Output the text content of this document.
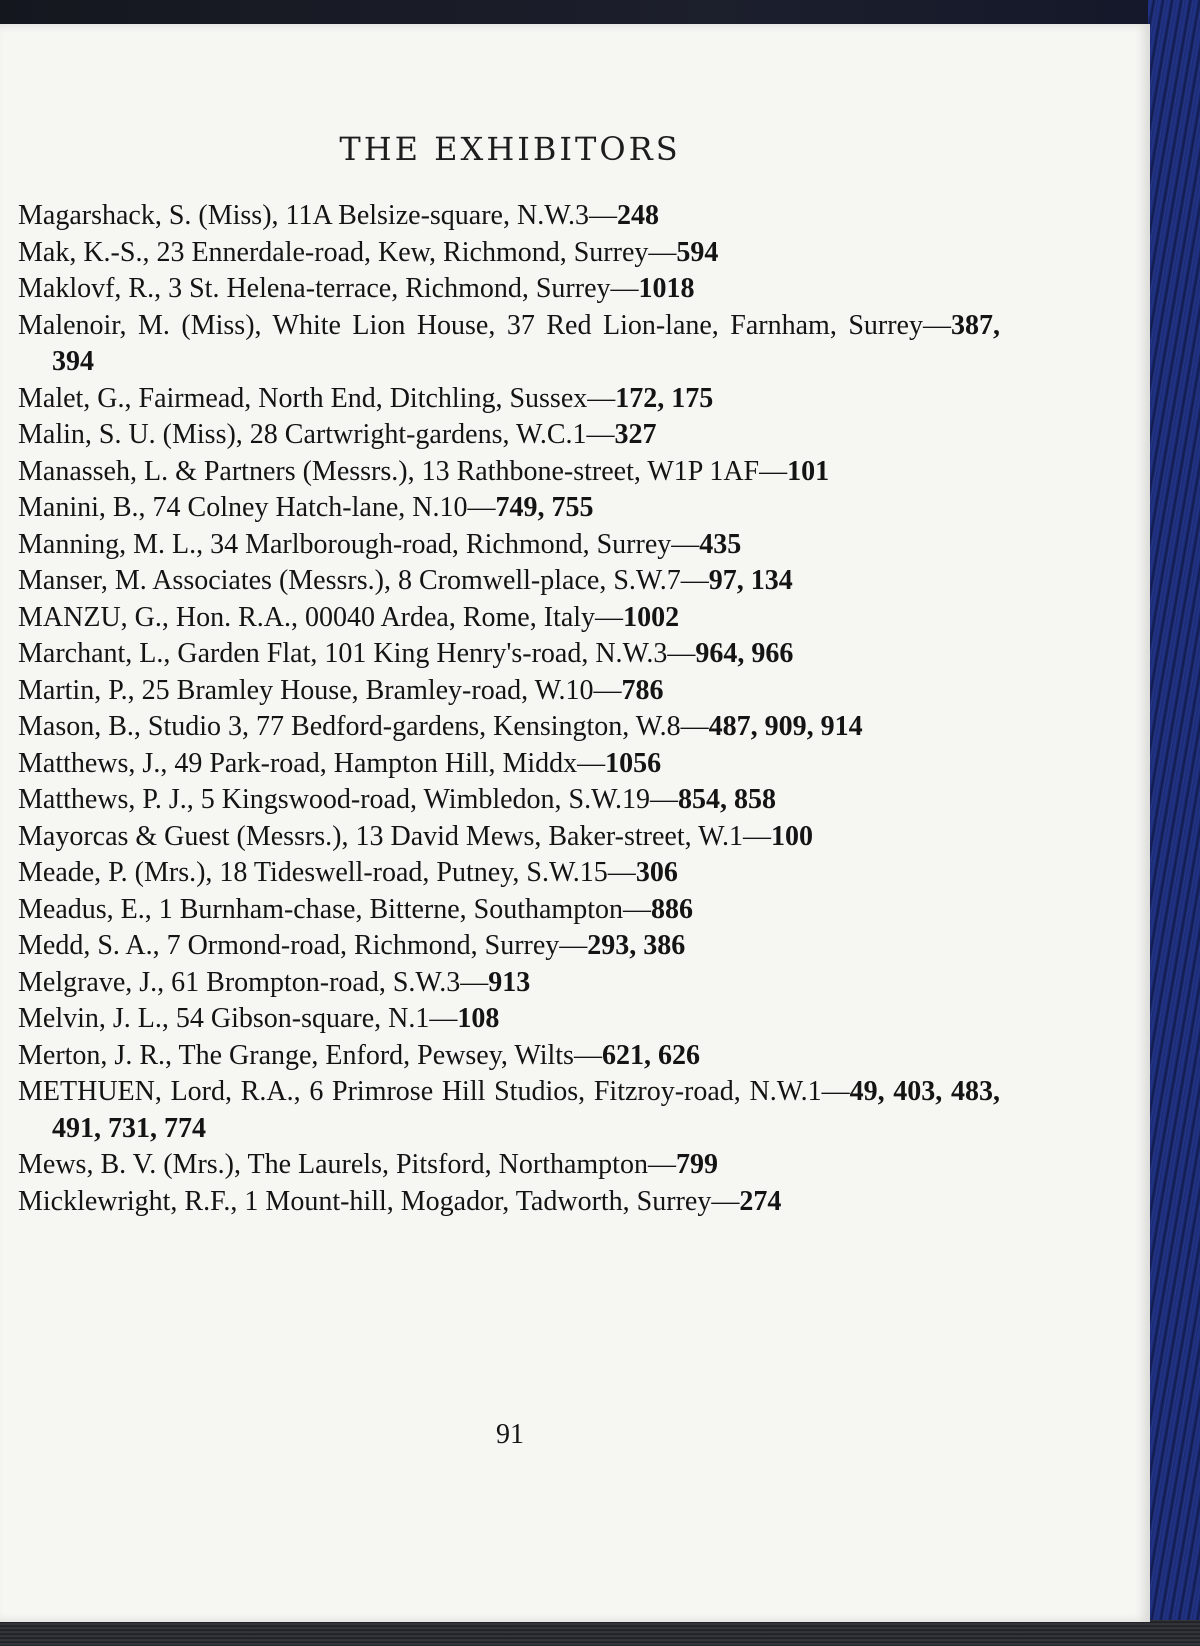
THE EXHIBITORS
Magarshack, S. (Miss), 11A Belsize-square, N.W.3—248
Mak, K.-S., 23 Ennerdale-road, Kew, Richmond, Surrey—594
Maklovf, R., 3 St. Helena-terrace, Richmond, Surrey—1018
Malenoir, M. (Miss), White Lion House, 37 Red Lion-lane, Farnham, Surrey—387, 394
Malet, G., Fairmead, North End, Ditchling, Sussex—172, 175
Malin, S. U. (Miss), 28 Cartwright-gardens, W.C.1—327
Manasseh, L. & Partners (Messrs.), 13 Rathbone-street, W1P 1AF—101
Manini, B., 74 Colney Hatch-lane, N.10—749, 755
Manning, M. L., 34 Marlborough-road, Richmond, Surrey—435
Manser, M. Associates (Messrs.), 8 Cromwell-place, S.W.7—97, 134
MANZU, G., Hon. R.A., 00040 Ardea, Rome, Italy—1002
Marchant, L., Garden Flat, 101 King Henry's-road, N.W.3—964, 966
Martin, P., 25 Bramley House, Bramley-road, W.10—786
Mason, B., Studio 3, 77 Bedford-gardens, Kensington, W.8—487, 909, 914
Matthews, J., 49 Park-road, Hampton Hill, Middx—1056
Matthews, P. J., 5 Kingswood-road, Wimbledon, S.W.19—854, 858
Mayorcas & Guest (Messrs.), 13 David Mews, Baker-street, W.1—100
Meade, P. (Mrs.), 18 Tideswell-road, Putney, S.W.15—306
Meadus, E., 1 Burnham-chase, Bitterne, Southampton—886
Medd, S. A., 7 Ormond-road, Richmond, Surrey—293, 386
Melgrave, J., 61 Brompton-road, S.W.3—913
Melvin, J. L., 54 Gibson-square, N.1—108
Merton, J. R., The Grange, Enford, Pewsey, Wilts—621, 626
METHUEN, Lord, R.A., 6 Primrose Hill Studios, Fitzroy-road, N.W.1—49, 403, 483, 491, 731, 774
Mews, B. V. (Mrs.), The Laurels, Pitsford, Northampton—799
Micklewright, R.F., 1 Mount-hill, Mogador, Tadworth, Surrey—274
91
